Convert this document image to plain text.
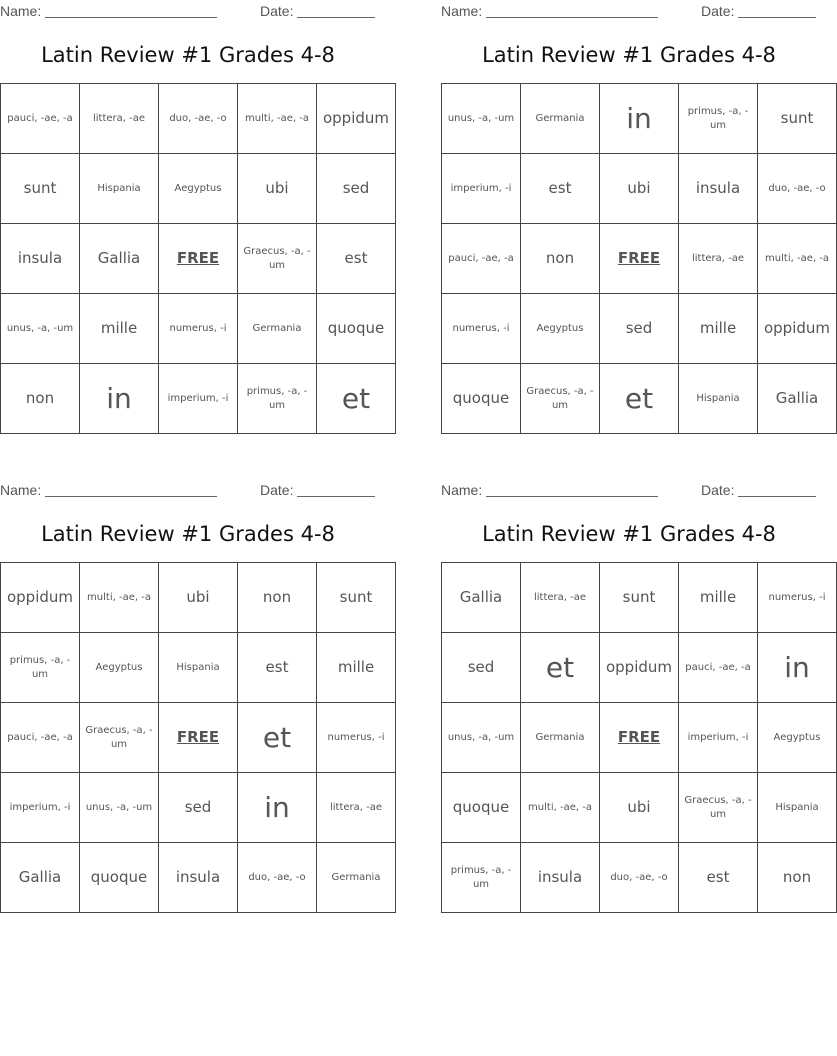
Name:	Date:
Latin Review #1 Grades 4-8
pauci, -ae, -a	littera, -ae	duo, -ae, -o	multi, -ae, -a	oppidum
sunt	Hispania	Aegyptus	ubi	sed
insula	Gallia	FREE	Graecus, -a, -um	est
unus, -a, -um	mille	numerus, -i	Germania	quoque
non	in	imperium, -i	primus, -a, -um	et
Name:	Date:
Latin Review #1 Grades 4-8
unus, -a, -um	Germania	in	primus, -a, -um	sunt
imperium, -i	est	ubi	insula	duo, -ae, -o
pauci, -ae, -a	non	FREE	littera, -ae	multi, -ae, -a
numerus, -i	Aegyptus	sed	mille	oppidum
quoque	Graecus, -a, -um	et	Hispania	Gallia
Name:	Date:
Latin Review #1 Grades 4-8
oppidum	multi, -ae, -a	ubi	non	sunt
primus, -a, -um	Aegyptus	Hispania	est	mille
pauci, -ae, -a	Graecus, -a, -um	FREE	et	numerus, -i
imperium, -i	unus, -a, -um	sed	in	littera, -ae
Gallia	quoque	insula	duo, -ae, -o	Germania
Name:	Date:
Latin Review #1 Grades 4-8
Gallia	littera, -ae	sunt	mille	numerus, -i
sed	et	oppidum	pauci, -ae, -a	in
unus, -a, -um	Germania	FREE	imperium, -i	Aegyptus
quoque	multi, -ae, -a	ubi	Graecus, -a, -um	Hispania
primus, -a, -um	insula	duo, -ae, -o	est	non
